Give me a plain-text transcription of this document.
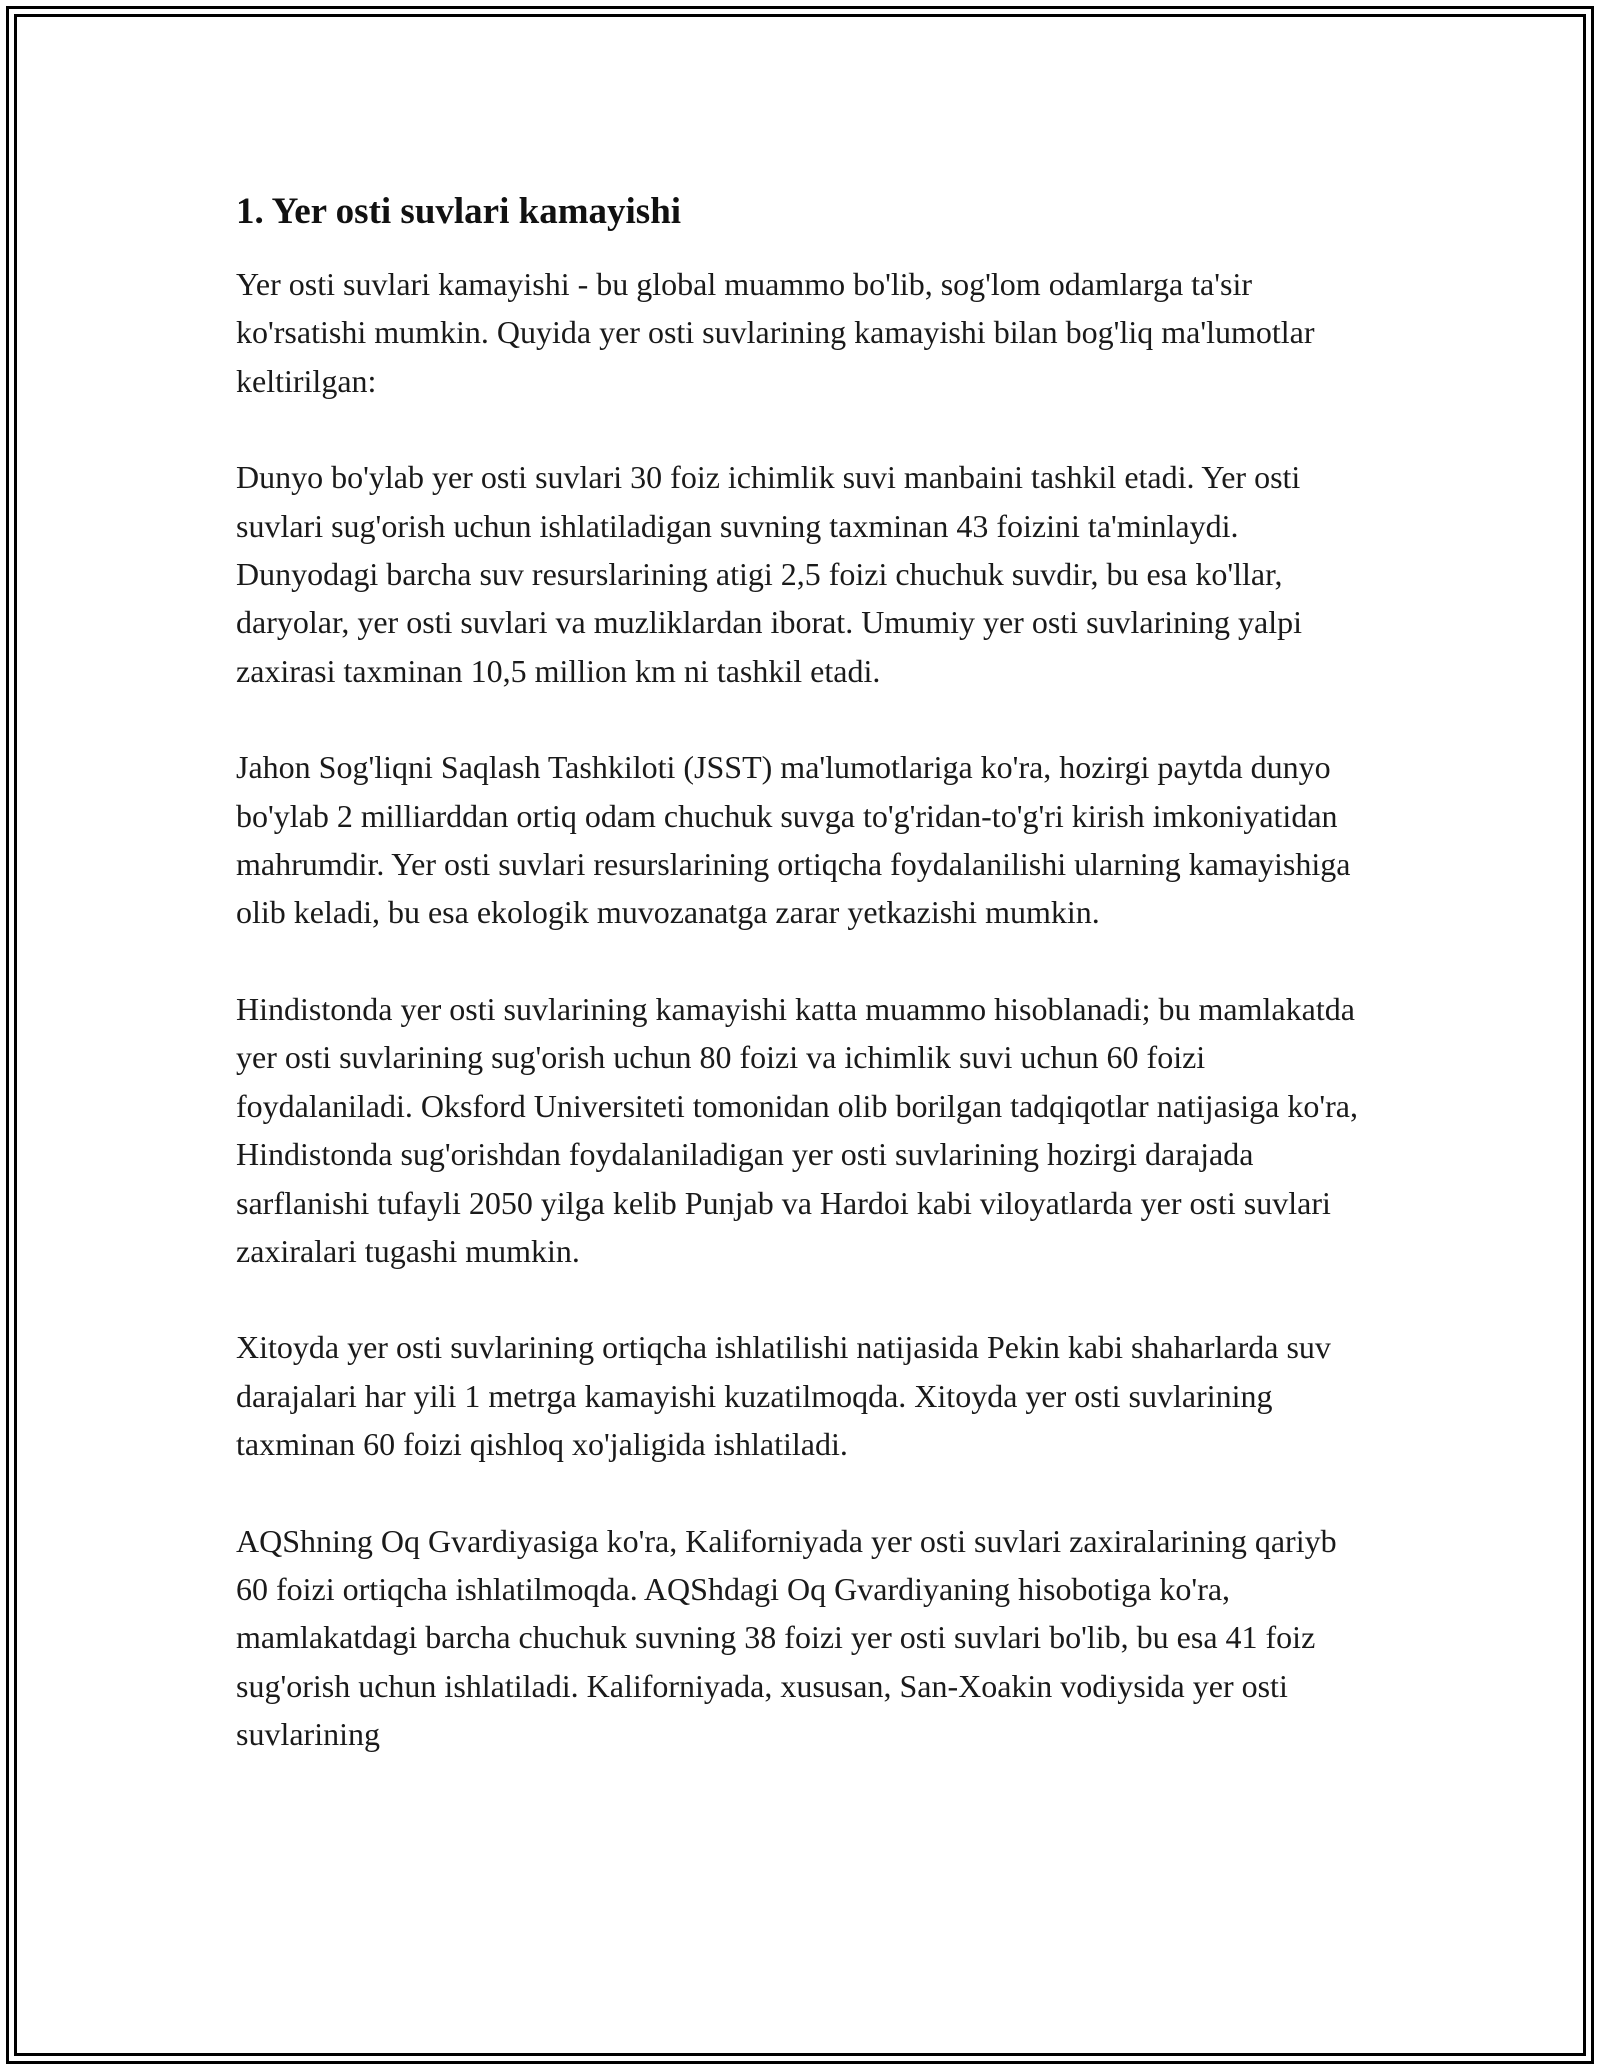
1. Yer osti suvlari kamayishi

Yer osti suvlari kamayishi - bu global muammo bo'lib, sog'lom odamlarga ta'sir ko'rsatishi mumkin. Quyida yer osti suvlarining kamayishi bilan bog'liq ma'lumotlar keltirilgan:

Dunyo bo'ylab yer osti suvlari 30 foiz ichimlik suvi manbaini tashkil etadi. Yer osti suvlari sug'orish uchun ishlatiladigan suvning taxminan 43 foizini ta'minlaydi. Dunyodagi barcha suv resurslarining atigi 2,5 foizi chuchuk suvdir, bu esa ko'llar, daryolar, yer osti suvlari va muzliklardan iborat. Umumiy yer osti suvlarining yalpi zaxirasi taxminan 10,5 million km ni tashkil etadi.

Jahon Sog'liqni Saqlash Tashkiloti (JSST) ma'lumotlariga ko'ra, hozirgi paytda dunyo bo'ylab 2 milliarddan ortiq odam chuchuk suvga to'g'ridan-to'g'ri kirish imkoniyatidan mahrumdir. Yer osti suvlari resurslarining ortiqcha foydalanilishi ularning kamayishiga olib keladi, bu esa ekologik muvozanatga zarar yetkazishi mumkin.

Hindistonda yer osti suvlarining kamayishi katta muammo hisoblanadi; bu mamlakatda yer osti suvlarining sug'orish uchun 80 foizi va ichimlik suvi uchun 60 foizi foydalaniladi. Oksford Universiteti tomonidan olib borilgan tadqiqotlar natijasiga ko'ra, Hindistonda sug'orishdan foydalaniladigan yer osti suvlarining hozirgi darajada sarflanishi tufayli 2050 yilga kelib Punjab va Hardoi kabi viloyatlarda yer osti suvlari zaxiralari tugashi mumkin.

Xitoyda yer osti suvlarining ortiqcha ishlatilishi natijasida Pekin kabi shaharlarda suv darajalari har yili 1 metrga kamayishi kuzatilmoqda. Xitoyda yer osti suvlarining taxminan 60 foizi qishloq xo'jaligida ishlatiladi.

AQShning Oq Gvardiyasiga ko'ra, Kaliforniyada yer osti suvlari zaxiralarining qariyb 60 foizi ortiqcha ishlatilmoqda. AQShdagi Oq Gvardiyaning hisobotiga ko'ra, mamlakatdagi barcha chuchuk suvning 38 foizi yer osti suvlari bo'lib, bu esa 41 foiz sug'orish uchun ishlatiladi. Kaliforniyada, xususan, San-Xoakin vodiysida yer osti suvlarining
